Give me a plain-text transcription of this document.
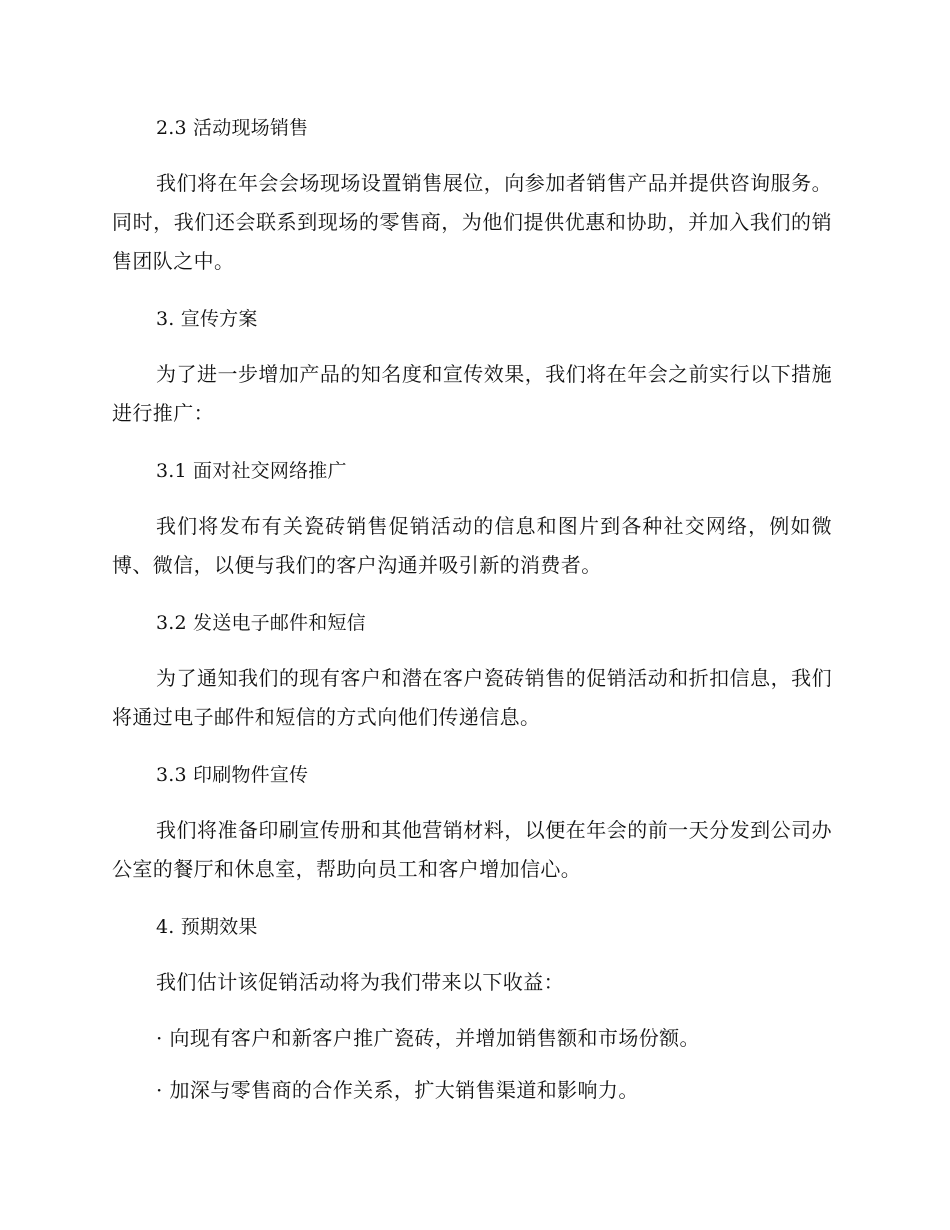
2.3 活动现场销售

我们将在年会会场现场设置销售展位，向参加者销售产品并提供咨询服务。同时，我们还会联系到现场的零售商，为他们提供优惠和协助，并加入我们的销售团队之中。

3. 宣传方案

为了进一步增加产品的知名度和宣传效果，我们将在年会之前实行以下措施进行推广：

3.1 面对社交网络推广

我们将发布有关瓷砖销售促销活动的信息和图片到各种社交网络，例如微博、微信，以便与我们的客户沟通并吸引新的消费者。

3.2 发送电子邮件和短信

为了通知我们的现有客户和潜在客户瓷砖销售的促销活动和折扣信息，我们将通过电子邮件和短信的方式向他们传递信息。

3.3 印刷物件宣传

我们将准备印刷宣传册和其他营销材料，以便在年会的前一天分发到公司办公室的餐厅和休息室，帮助向员工和客户增加信心。

4. 预期效果

我们估计该促销活动将为我们带来以下收益：

· 向现有客户和新客户推广瓷砖，并增加销售额和市场份额。

· 加深与零售商的合作关系，扩大销售渠道和影响力。
